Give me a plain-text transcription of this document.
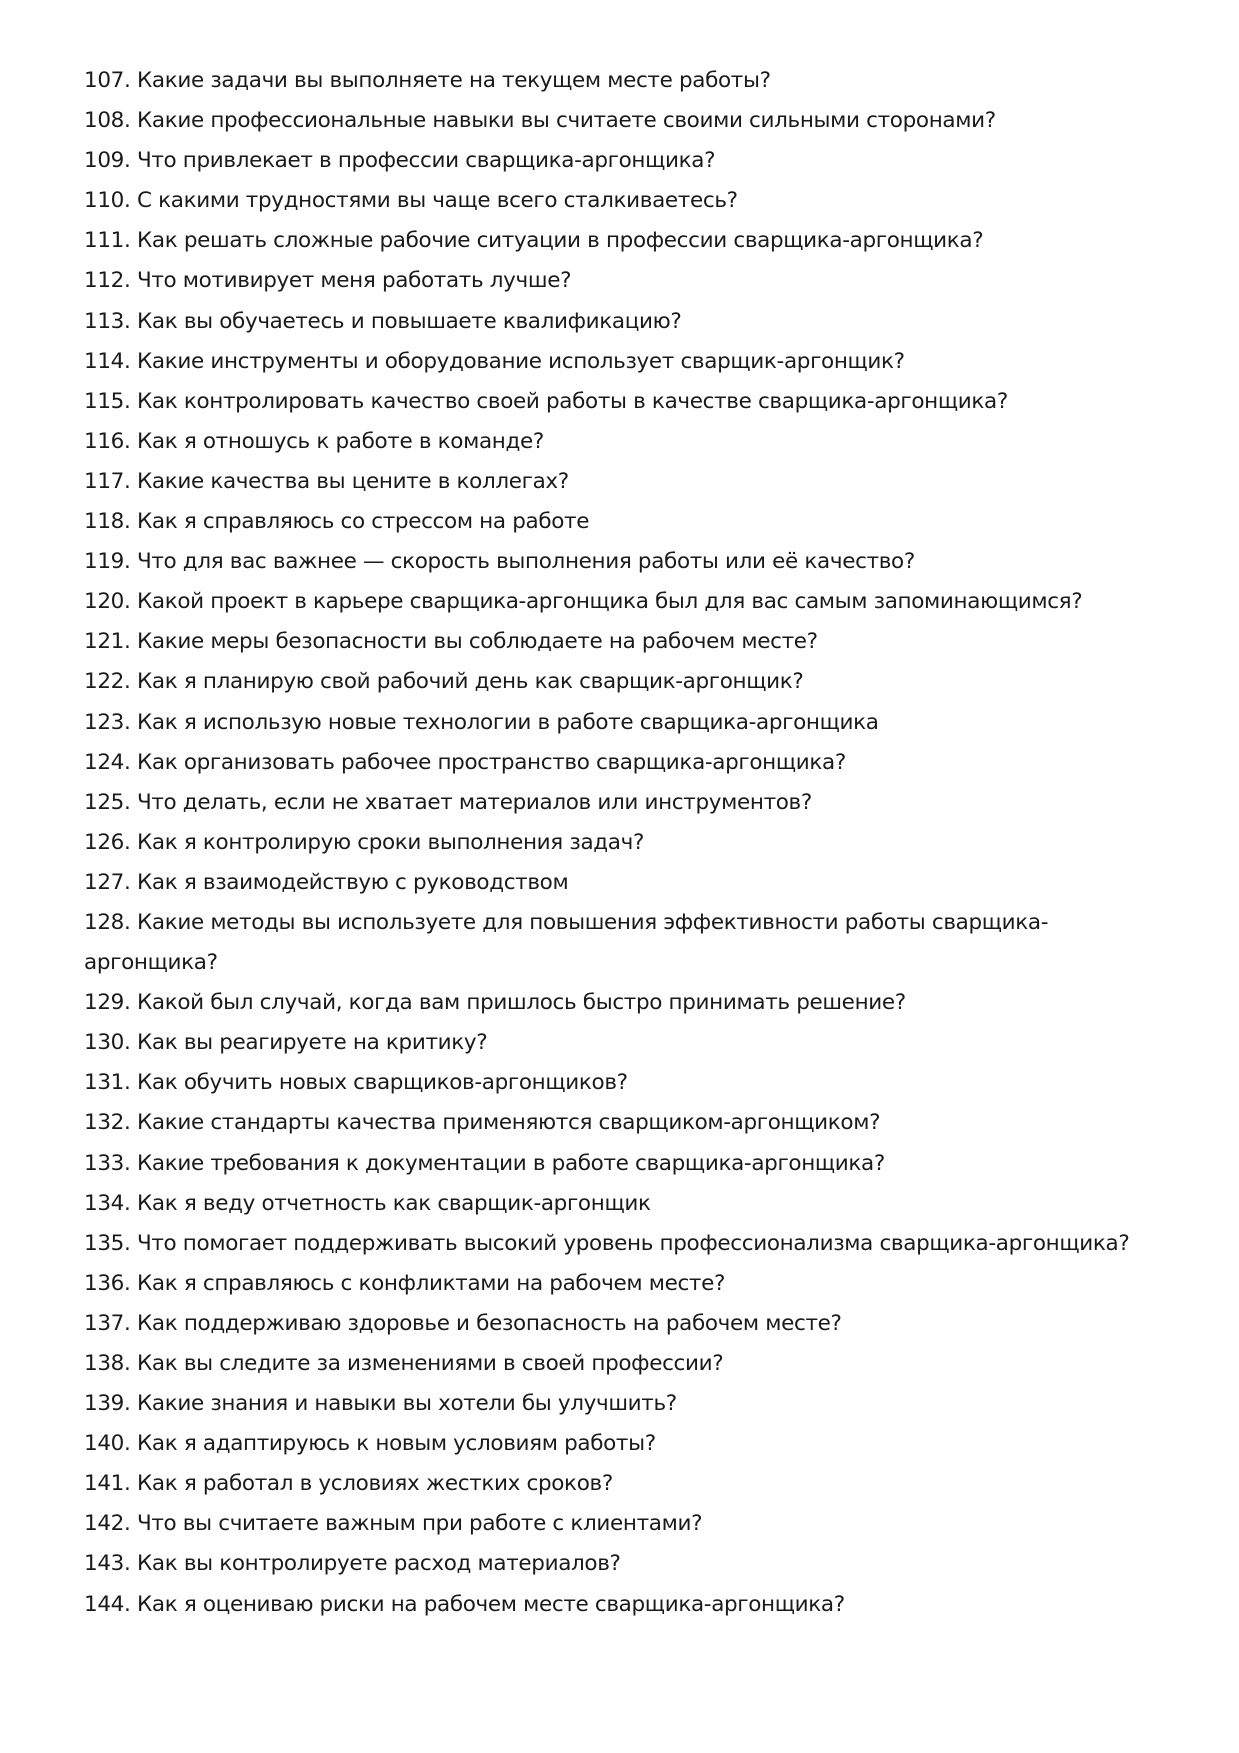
107. Какие задачи вы выполняете на текущем месте работы?
108. Какие профессиональные навыки вы считаете своими сильными сторонами?
109. Что привлекает в профессии сварщика-аргонщика?
110. С какими трудностями вы чаще всего сталкиваетесь?
111. Как решать сложные рабочие ситуации в профессии сварщика-аргонщика?
112. Что мотивирует меня работать лучше?
113. Как вы обучаетесь и повышаете квалификацию?
114. Какие инструменты и оборудование использует сварщик-аргонщик?
115. Как контролировать качество своей работы в качестве сварщика-аргонщика?
116. Как я отношусь к работе в команде?
117. Какие качества вы цените в коллегах?
118. Как я справляюсь со стрессом на работе
119. Что для вас важнее — скорость выполнения работы или её качество?
120. Какой проект в карьере сварщика-аргонщика был для вас самым запоминающимся?
121. Какие меры безопасности вы соблюдаете на рабочем месте?
122. Как я планирую свой рабочий день как сварщик-аргонщик?
123. Как я использую новые технологии в работе сварщика-аргонщика
124. Как организовать рабочее пространство сварщика-аргонщика?
125. Что делать, если не хватает материалов или инструментов?
126. Как я контролирую сроки выполнения задач?
127. Как я взаимодействую с руководством
128. Какие методы вы используете для повышения эффективности работы сварщика-аргонщика?
129. Какой был случай, когда вам пришлось быстро принимать решение?
130. Как вы реагируете на критику?
131. Как обучить новых сварщиков-аргонщиков?
132. Какие стандарты качества применяются сварщиком-аргонщиком?
133. Какие требования к документации в работе сварщика-аргонщика?
134. Как я веду отчетность как сварщик-аргонщик
135. Что помогает поддерживать высокий уровень профессионализма сварщика-аргонщика?
136. Как я справляюсь с конфликтами на рабочем месте?
137. Как поддерживаю здоровье и безопасность на рабочем месте?
138. Как вы следите за изменениями в своей профессии?
139. Какие знания и навыки вы хотели бы улучшить?
140. Как я адаптируюсь к новым условиям работы?
141. Как я работал в условиях жестких сроков?
142. Что вы считаете важным при работе с клиентами?
143. Как вы контролируете расход материалов?
144. Как я оцениваю риски на рабочем месте сварщика-аргонщика?
